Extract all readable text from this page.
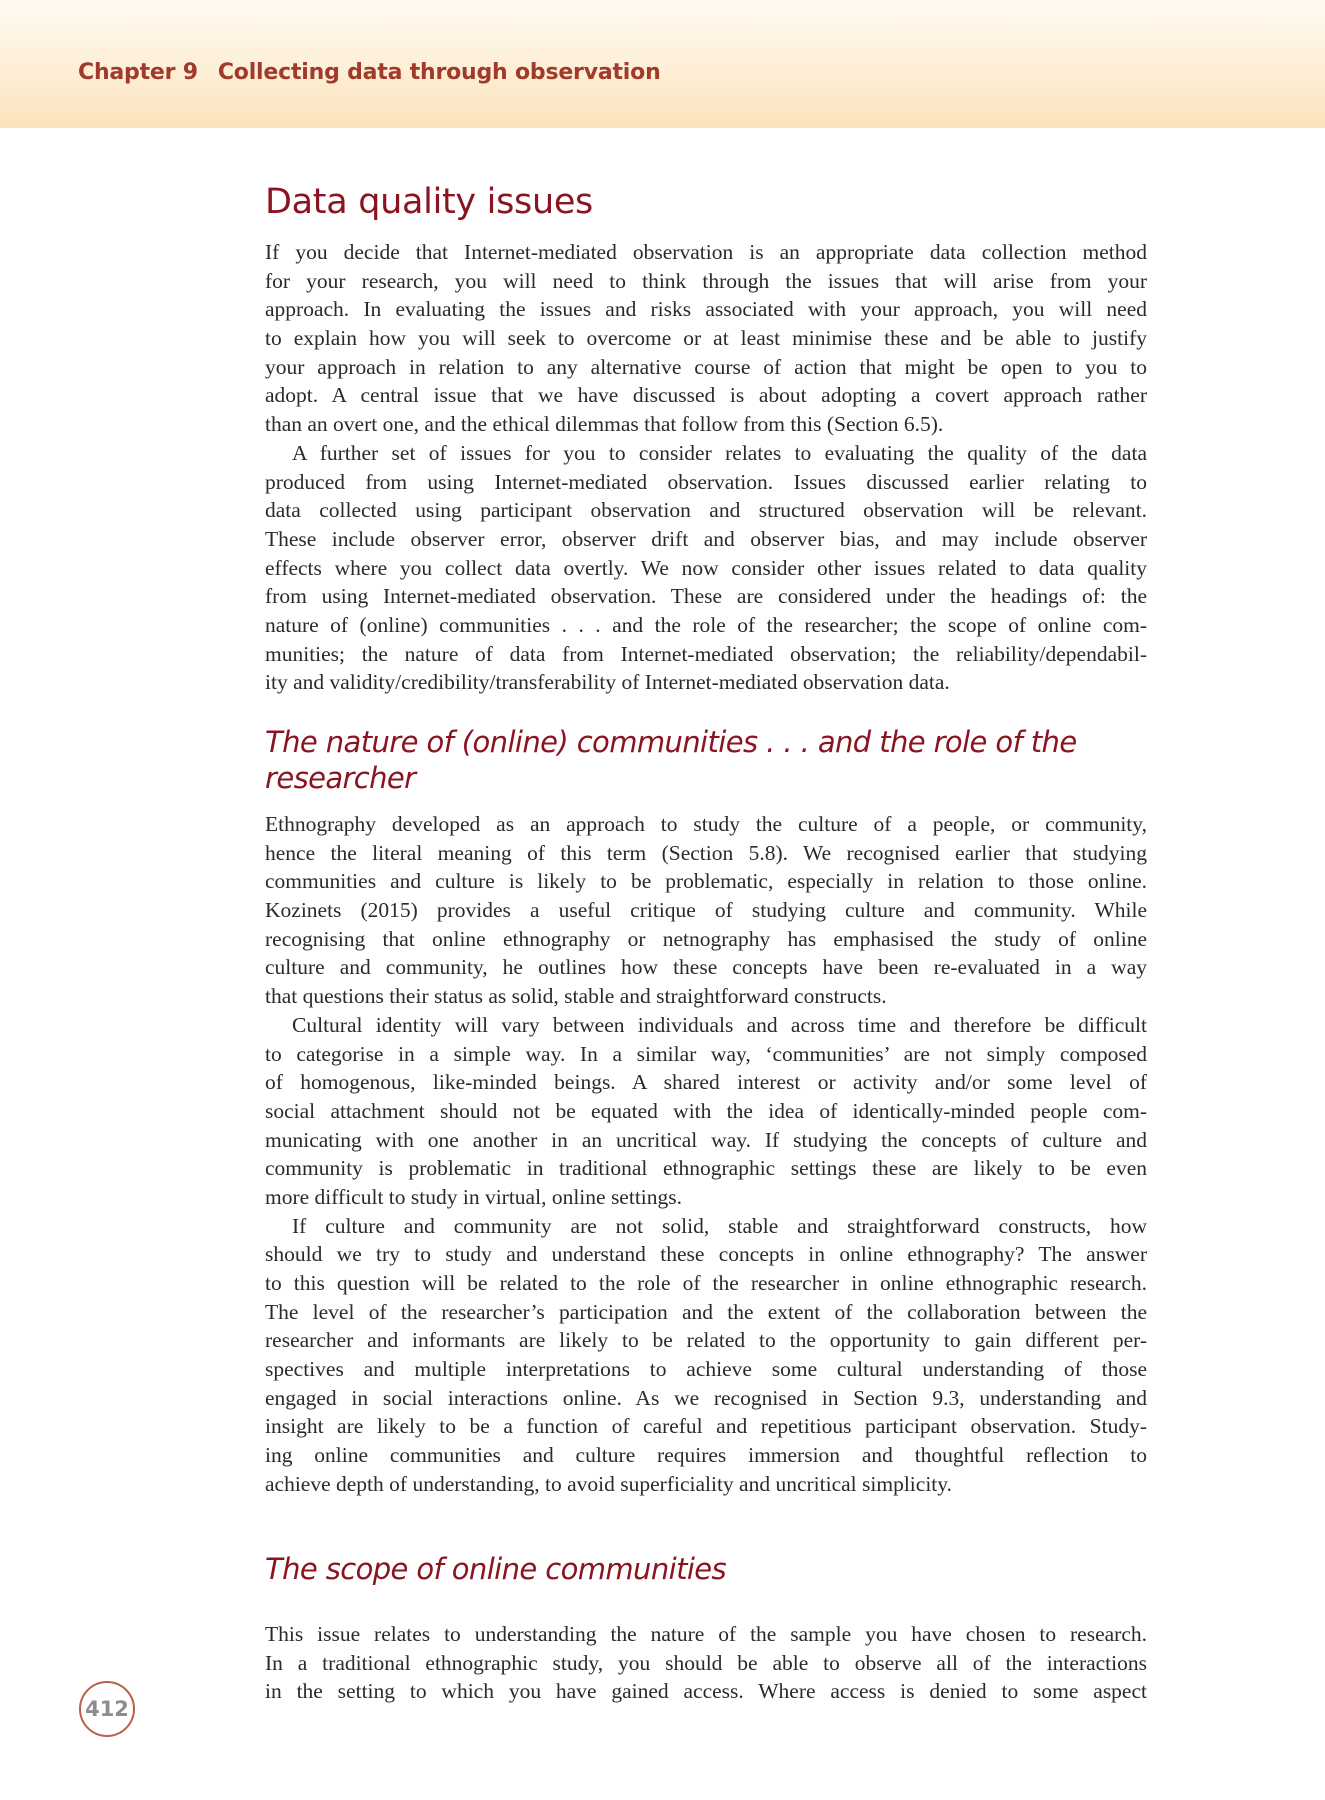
Chapter 9 Collecting data through observation
Data quality issues
If you decide that Internet-mediated observation is an appropriate data collection method
for your research, you will need to think through the issues that will arise from your
approach. In evaluating the issues and risks associated with your approach, you will need
to explain how you will seek to overcome or at least minimise these and be able to justify
your approach in relation to any alternative course of action that might be open to you to
adopt. A central issue that we have discussed is about adopting a covert approach rather
than an overt one, and the ethical dilemmas that follow from this (Section 6.5).
A further set of issues for you to consider relates to evaluating the quality of the data
produced from using Internet-mediated observation. Issues discussed earlier relating to
data collected using participant observation and structured observation will be relevant.
These include observer error, observer drift and observer bias, and may include observer
effects where you collect data overtly. We now consider other issues related to data quality
from using Internet-mediated observation. These are considered under the headings of: the
nature of (online) communities . . . and the role of the researcher; the scope of online com-
munities; the nature of data from Internet-mediated observation; the reliability/dependabil-
ity and validity/credibility/transferability of Internet-mediated observation data.
The nature of (online) communities . . . and the role of the
researcher
Ethnography developed as an approach to study the culture of a people, or community,
hence the literal meaning of this term (Section 5.8). We recognised earlier that studying
communities and culture is likely to be problematic, especially in relation to those online.
Kozinets (2015) provides a useful critique of studying culture and community. While
recognising that online ethnography or netnography has emphasised the study of online
culture and community, he outlines how these concepts have been re-evaluated in a way
that questions their status as solid, stable and straightforward constructs.
Cultural identity will vary between individuals and across time and therefore be difficult
to categorise in a simple way. In a similar way, ‘communities’ are not simply composed
of homogenous, like-minded beings. A shared interest or activity and/or some level of
social attachment should not be equated with the idea of identically-minded people com-
municating with one another in an uncritical way. If studying the concepts of culture and
community is problematic in traditional ethnographic settings these are likely to be even
more difficult to study in virtual, online settings.
If culture and community are not solid, stable and straightforward constructs, how
should we try to study and understand these concepts in online ethnography? The answer
to this question will be related to the role of the researcher in online ethnographic research.
The level of the researcher’s participation and the extent of the collaboration between the
researcher and informants are likely to be related to the opportunity to gain different per-
spectives and multiple interpretations to achieve some cultural understanding of those
engaged in social interactions online. As we recognised in Section 9.3, understanding and
insight are likely to be a function of careful and repetitious participant observation. Study-
ing online communities and culture requires immersion and thoughtful reflection to
achieve depth of understanding, to avoid superficiality and uncritical simplicity.
The scope of online communities
This issue relates to understanding the nature of the sample you have chosen to research.
In a traditional ethnographic study, you should be able to observe all of the interactions
in the setting to which you have gained access. Where access is denied to some aspect
412
